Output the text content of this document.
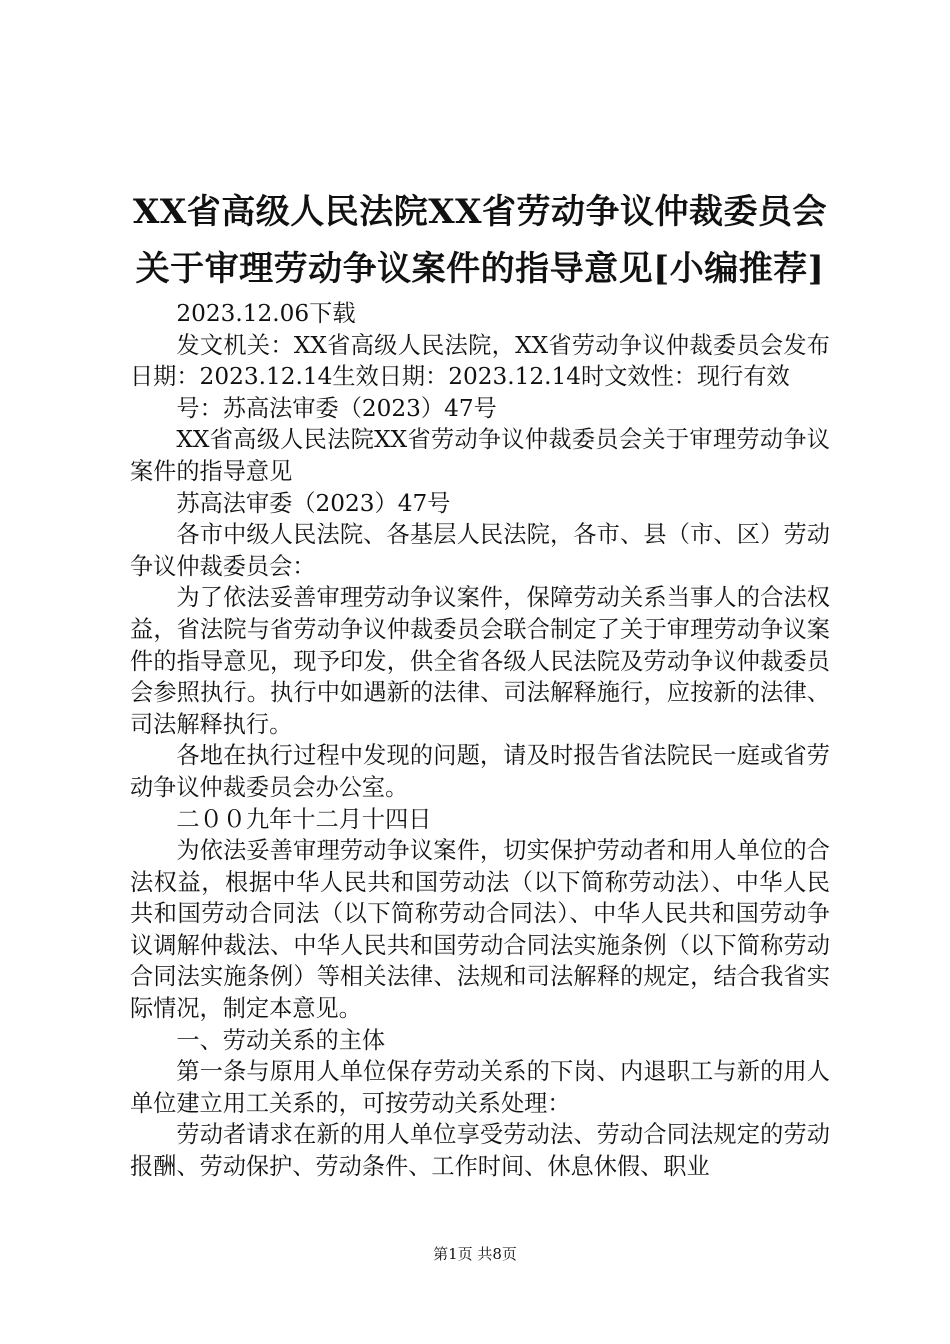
XX省高级人民法院XX省劳动争议仲裁委员会
关于审理劳动争议案件的指导意见[小编推荐]

2023.12.06下载

发文机关：XX省高级人民法院，XX省劳动争议仲裁委员会发布日期：2023.12.14生效日期：2023.12.14时文效性：现行有效

号：苏高法审委（2023）47号

XX省高级人民法院XX省劳动争议仲裁委员会关于审理劳动争议案件的指导意见

苏高法审委（2023）47号

各市中级人民法院、各基层人民法院，各市、县（市、区）劳动争议仲裁委员会：

为了依法妥善审理劳动争议案件，保障劳动关系当事人的合法权益，省法院与省劳动争议仲裁委员会联合制定了关于审理劳动争议案件的指导意见，现予印发，供全省各级人民法院及劳动争议仲裁委员会参照执行。执行中如遇新的法律、司法解释施行，应按新的法律、司法解释执行。

各地在执行过程中发现的问题，请及时报告省法院民一庭或省劳动争议仲裁委员会办公室。

二００九年十二月十四日

为依法妥善审理劳动争议案件，切实保护劳动者和用人单位的合法权益，根据中华人民共和国劳动法（以下简称劳动法）、中华人民共和国劳动合同法（以下简称劳动合同法）、中华人民共和国劳动争议调解仲裁法、中华人民共和国劳动合同法实施条例（以下简称劳动合同法实施条例）等相关法律、法规和司法解释的规定，结合我省实际情况，制定本意见。

一、劳动关系的主体

第一条与原用人单位保存劳动关系的下岗、内退职工与新的用人单位建立用工关系的，可按劳动关系处理：

劳动者请求在新的用人单位享受劳动法、劳动合同法规定的劳动报酬、劳动保护、劳动条件、工作时间、休息休假、职业

第1页 共8页
